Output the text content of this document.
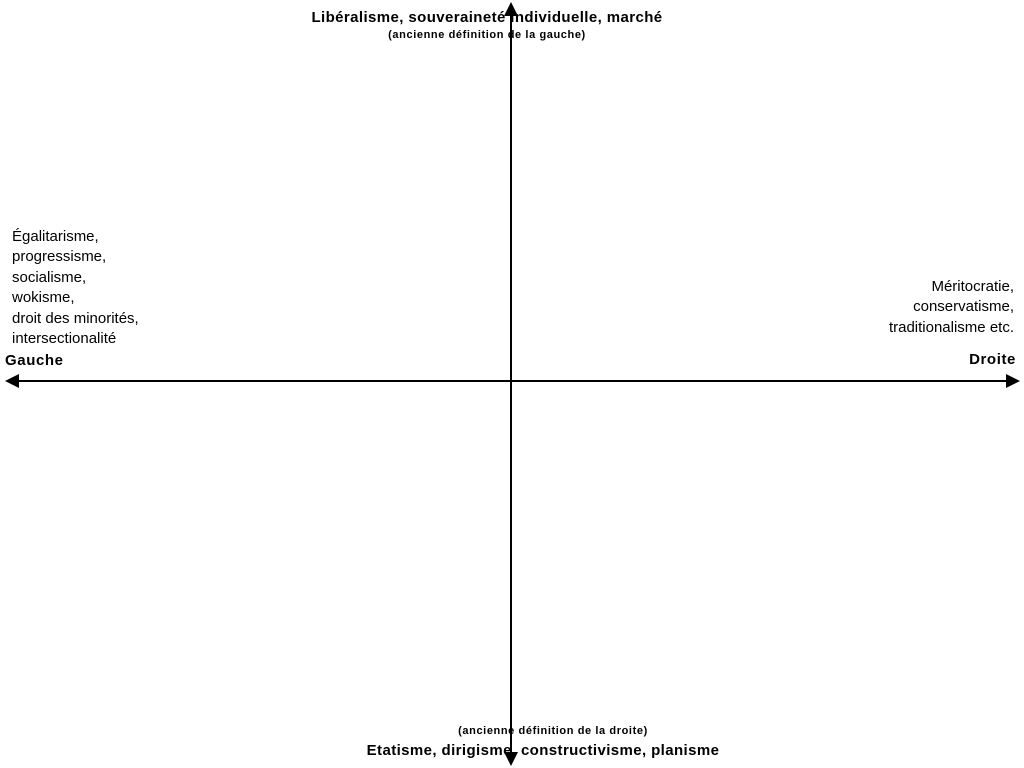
Libéralisme, souveraineté individuelle, marché
(ancienne définition de la gauche)
(ancienne définition de la droite)
Etatisme, dirigisme, constructivisme, planisme
Gauche	Droite
Égalitarisme,
progressisme,
socialisme,
wokisme,
droit des minorités,
intersectionalité
Méritocratie,
conservatisme,
traditionalisme etc.
